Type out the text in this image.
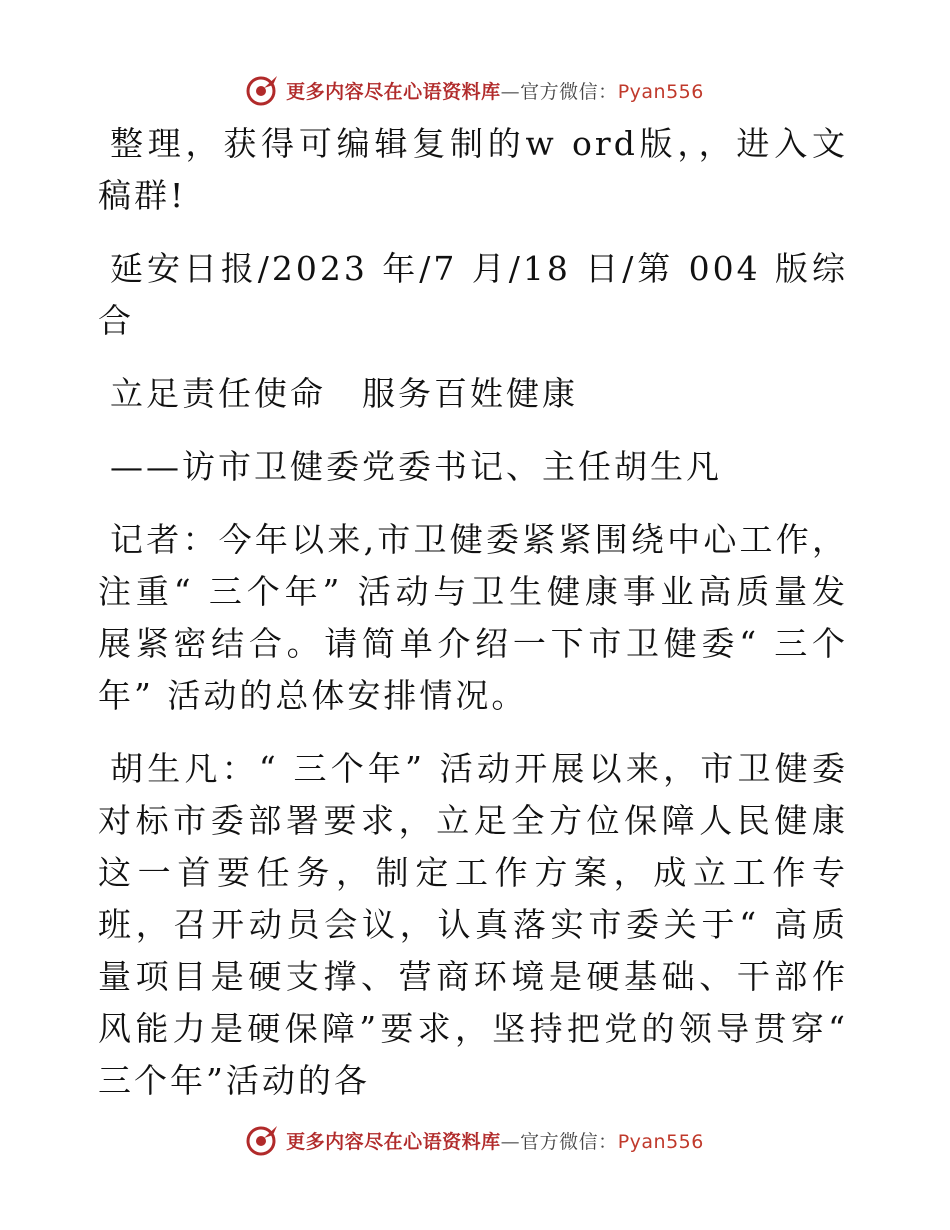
更多内容尽在心语资料库—官方微信：Pyan556

整理，获得可编辑复制的w ord版，，进入文稿群!

延安日报/2023 年/7 月/18 日/第 004 版综合

立足责任使命　服务百姓健康

——访市卫健委党委书记、主任胡生凡

记者：今年以来,市卫健委紧紧围绕中心工作，注重“ 三个年” 活动与卫生健康事业高质量发展紧密结合。请简单介绍一下市卫健委“ 三个年” 活动的总体安排情况。

胡生凡：“ 三个年” 活动开展以来，市卫健委对标市委部署要求，立足全方位保障人民健康这一首要任务，制定工作方案，成立工作专班，召开动员会议，认真落实市委关于“ 高质量项目是硬支撑、营商环境是硬基础、干部作风能力是硬保障”要求，坚持把党的领导贯穿“ 三个年”活动的各

更多内容尽在心语资料库—官方微信：Pyan556
